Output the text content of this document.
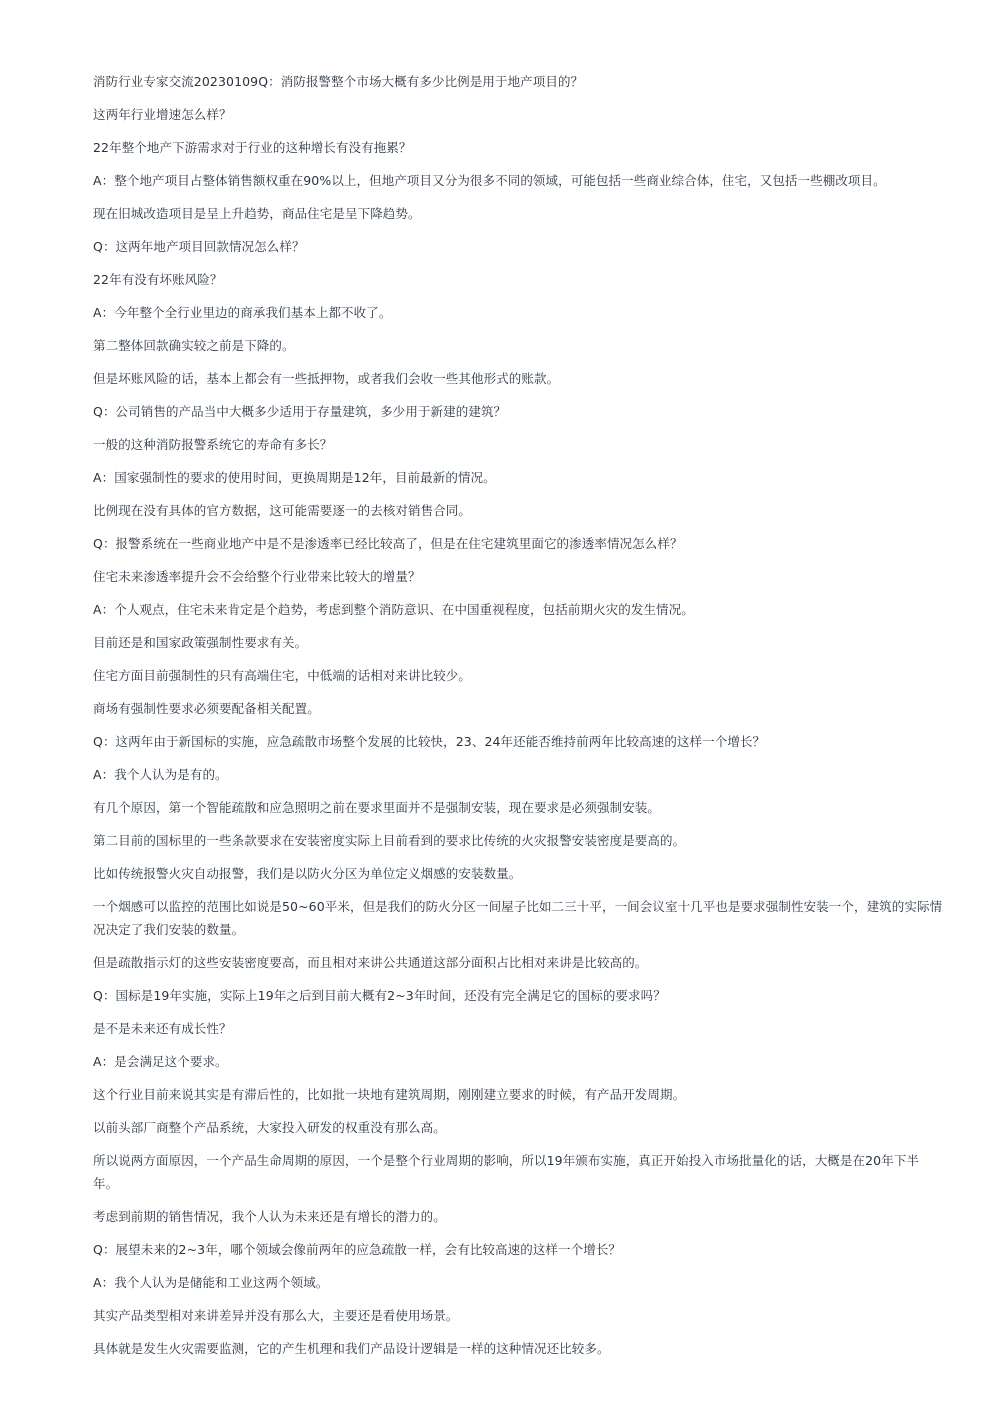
消防行业专家交流20230109Q：消防报警整个市场大概有多少比例是用于地产项目的？

这两年行业增速怎么样？

22年整个地产下游需求对于行业的这种增长有没有拖累？

A：整个地产项目占整体销售额权重在90%以上，但地产项目又分为很多不同的领域，可能包括一些商业综合体，住宅，又包括一些棚改项目。

现在旧城改造项目是呈上升趋势，商品住宅是呈下降趋势。

Q：这两年地产项目回款情况怎么样？

22年有没有坏账风险？

A：今年整个全行业里边的商承我们基本上都不收了。

第二整体回款确实较之前是下降的。

但是坏账风险的话，基本上都会有一些抵押物，或者我们会收一些其他形式的账款。

Q：公司销售的产品当中大概多少适用于存量建筑，多少用于新建的建筑？

一般的这种消防报警系统它的寿命有多长？

A：国家强制性的要求的使用时间，更换周期是12年，目前最新的情况。

比例现在没有具体的官方数据，这可能需要逐一的去核对销售合同。

Q：报警系统在一些商业地产中是不是渗透率已经比较高了，但是在住宅建筑里面它的渗透率情况怎么样？

住宅未来渗透率提升会不会给整个行业带来比较大的增量？

A：个人观点，住宅未来肯定是个趋势，考虑到整个消防意识、在中国重视程度，包括前期火灾的发生情况。

目前还是和国家政策强制性要求有关。

住宅方面目前强制性的只有高端住宅，中低端的话相对来讲比较少。

商场有强制性要求必须要配备相关配置。

Q：这两年由于新国标的实施，应急疏散市场整个发展的比较快，23、24年还能否维持前两年比较高速的这样一个增长？

A：我个人认为是有的。

有几个原因，第一个智能疏散和应急照明之前在要求里面并不是强制安装，现在要求是必须强制安装。

第二目前的国标里的一些条款要求在安装密度实际上目前看到的要求比传统的火灾报警安装密度是要高的。

比如传统报警火灾自动报警，我们是以防火分区为单位定义烟感的安装数量。

一个烟感可以监控的范围比如说是50~60平米，但是我们的防火分区一间屋子比如二三十平，一间会议室十几平也是要求强制性安装一个，建筑的实际情况决定了我们安装的数量。

但是疏散指示灯的这些安装密度要高，而且相对来讲公共通道这部分面积占比相对来讲是比较高的。

Q：国标是19年实施，实际上19年之后到目前大概有2~3年时间，还没有完全满足它的国标的要求吗？

是不是未来还有成长性？

A：是会满足这个要求。

这个行业目前来说其实是有滞后性的，比如批一块地有建筑周期，刚刚建立要求的时候，有产品开发周期。

以前头部厂商整个产品系统，大家投入研发的权重没有那么高。

所以说两方面原因，一个产品生命周期的原因，一个是整个行业周期的影响，所以19年颁布实施，真正开始投入市场批量化的话，大概是在20年下半年。

考虑到前期的销售情况，我个人认为未来还是有增长的潜力的。

Q：展望未来的2~3年，哪个领域会像前两年的应急疏散一样，会有比较高速的这样一个增长？

A：我个人认为是储能和工业这两个领域。

其实产品类型相对来讲差异并没有那么大，主要还是看使用场景。

具体就是发生火灾需要监测，它的产生机理和我们产品设计逻辑是一样的这种情况还比较多。
